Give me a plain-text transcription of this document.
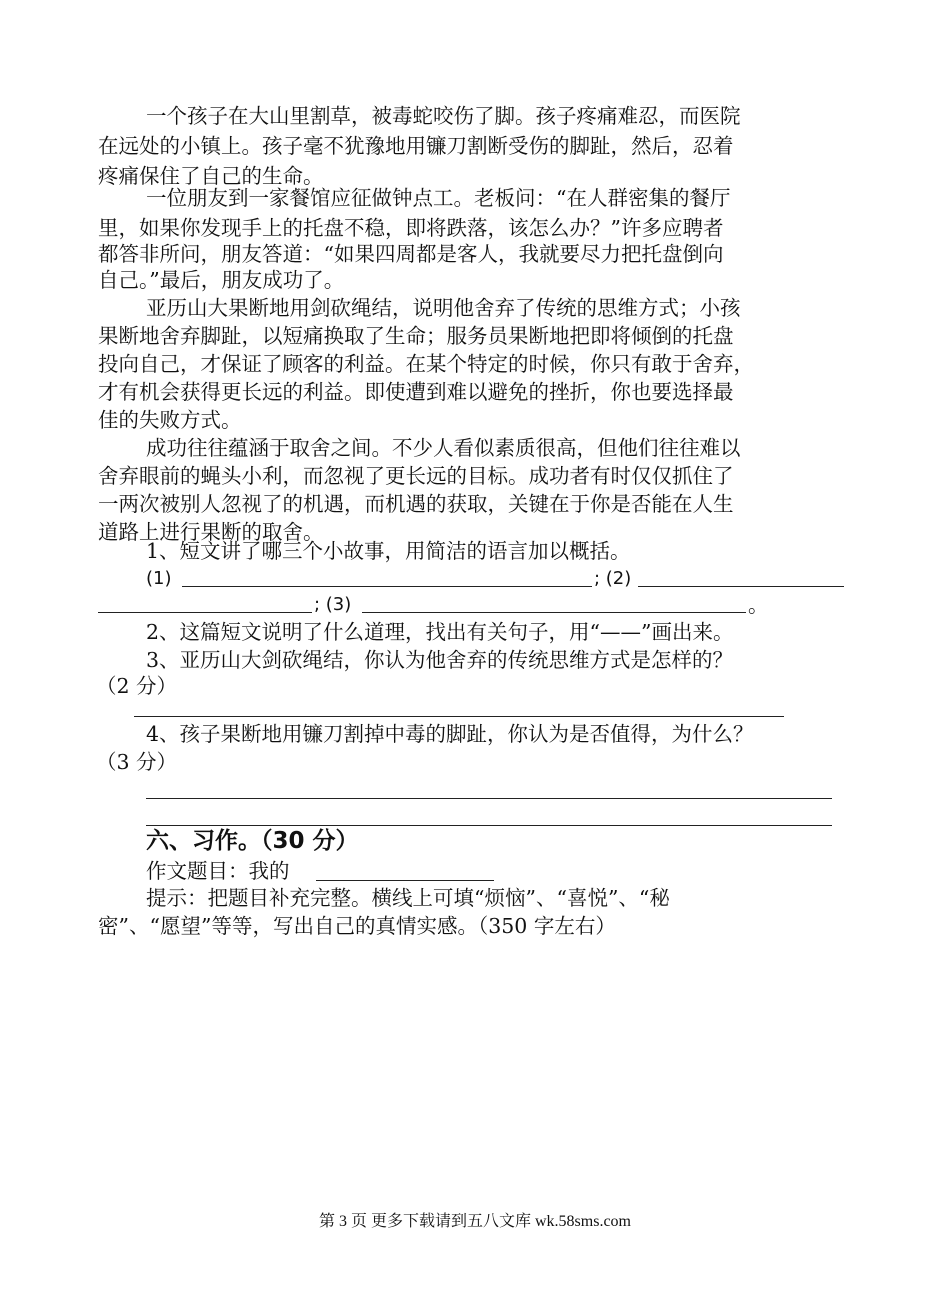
一个孩子在大山里割草，被毒蛇咬伤了脚。孩子疼痛难忍，而医院
在远处的小镇上。孩子毫不犹豫地用镰刀割断受伤的脚趾，然后，忍着
疼痛保住了自己的生命。
一位朋友到一家餐馆应征做钟点工。老板问：“在人群密集的餐厅
里，如果你发现手上的托盘不稳，即将跌落，该怎么办？”许多应聘者
都答非所问，朋友答道：“如果四周都是客人，我就要尽力把托盘倒向
自己。”最后，朋友成功了。
亚历山大果断地用剑砍绳结，说明他舍弃了传统的思维方式；小孩
果断地舍弃脚趾，以短痛换取了生命；服务员果断地把即将倾倒的托盘
投向自己，才保证了顾客的利益。在某个特定的时候，你只有敢于舍弃，
才有机会获得更长远的利益。即使遭到难以避免的挫折，你也要选择最
佳的失败方式。
成功往往蕴涵于取舍之间。不少人看似素质很高，但他们往往难以
舍弃眼前的蝇头小利，而忽视了更长远的目标。成功者有时仅仅抓住了
一两次被别人忽视了的机遇，而机遇的获取，关键在于你是否能在人生
道路上进行果断的取舍。
1、短文讲了哪三个小故事，用简洁的语言加以概括。
(1)	; (2)
; (3)	。
2、这篇短文说明了什么道理，找出有关句子，用“——”画出来。
3、亚历山大剑砍绳结，你认为他舍弃的传统思维方式是怎样的？
（2 分）
4、孩子果断地用镰刀割掉中毒的脚趾，你认为是否值得，为什么？
（3 分）
六、习作。（30 分）
作文题目：我的
提示：把题目补充完整。横线上可填“烦恼”、“喜悦”、“秘
密”、“愿望”等等，写出自己的真情实感。（350 字左右）
第 3 页 更多下载请到五八文库 wk.58sms.com
